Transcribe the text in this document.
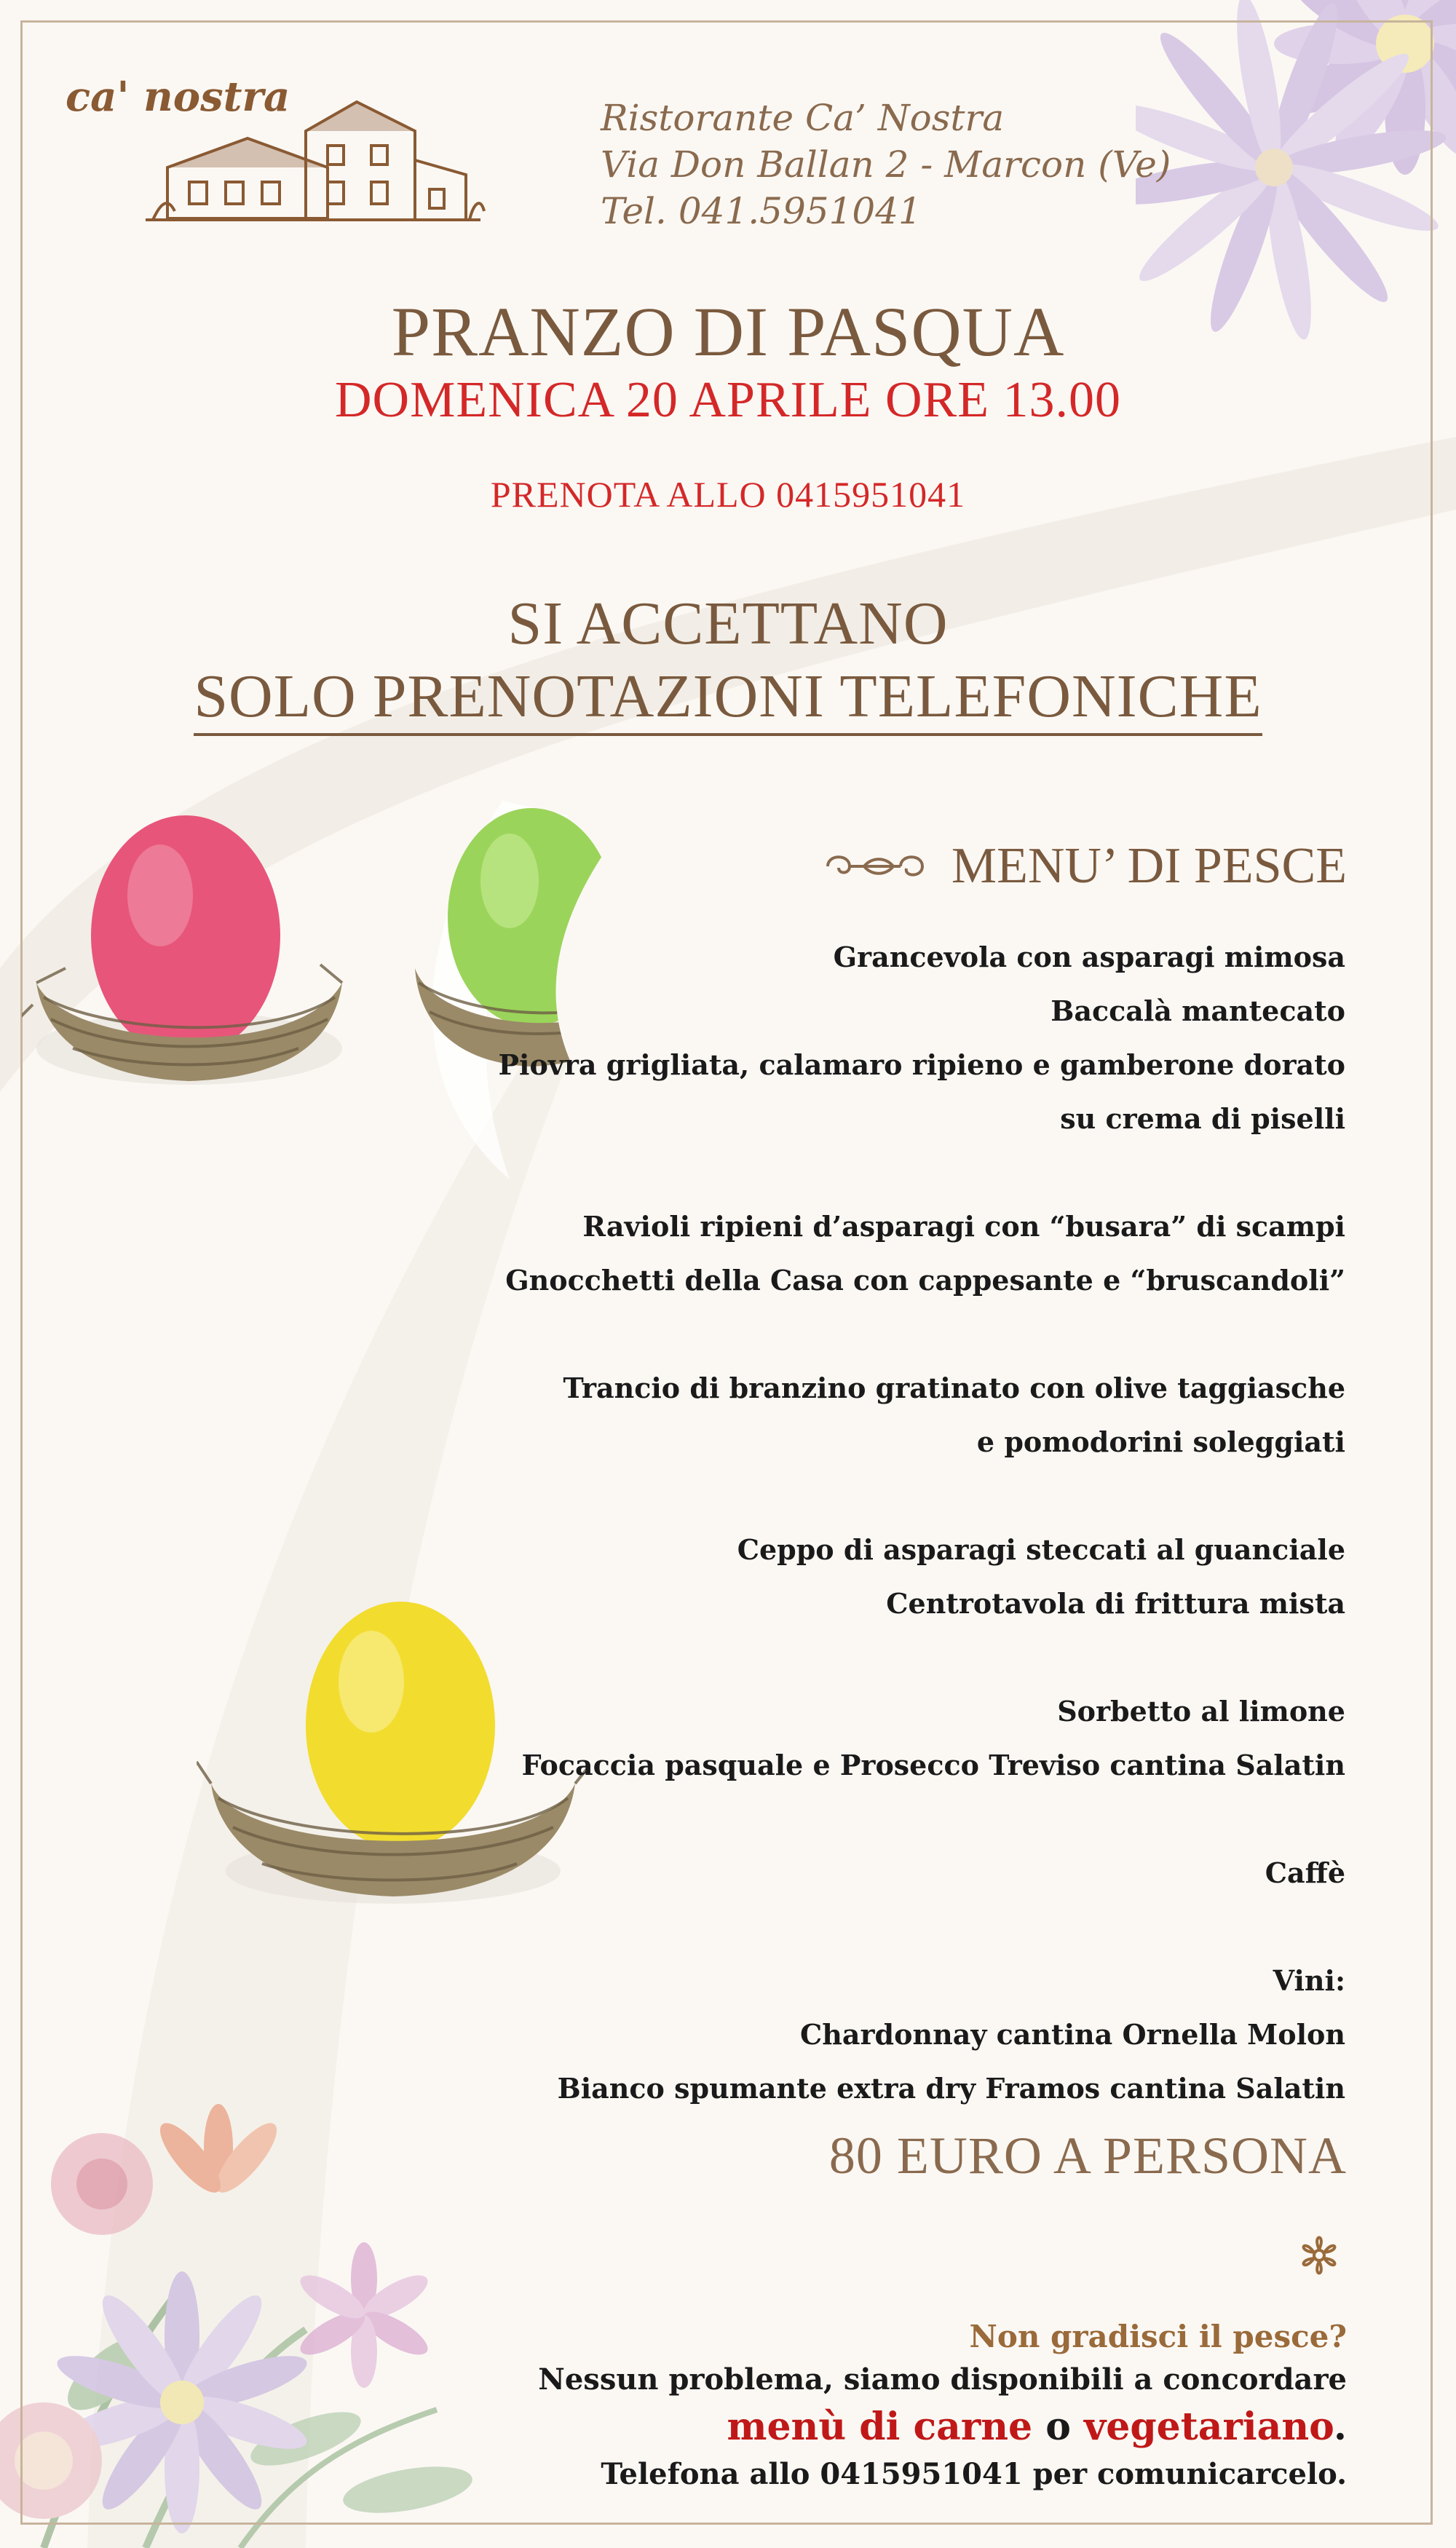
ca' nostra	Ristorante Ca’ Nostra
Via Don Ballan 2 - Marcon (Ve)
Tel. 041.5951041
PRANZO DI PASQUA
DOMENICA 20 APRILE ORE 13.00
PRENOTA ALLO 0415951041
SI ACCETTANO
SOLO PRENOTAZIONI TELEFONICHE
MENU’ DI PESCE
Grancevola con asparagi mimosa
Baccalà mantecato
Piovra grigliata, calamaro ripieno e gamberone dorato
su crema di piselli
Ravioli ripieni d’asparagi con “busara” di scampi
Gnocchetti della Casa con cappesante e “bruscandoli”
Trancio di branzino gratinato con olive taggiasche
e pomodorini soleggiati
Ceppo di asparagi steccati al guanciale
Centrotavola di frittura mista
Sorbetto al limone
Focaccia pasquale e Prosecco Treviso cantina Salatin
Caffè
Vini:
Chardonnay cantina Ornella Molon
Bianco spumante extra dry Framos cantina Salatin
80 EURO A PERSONA
Non gradisci il pesce?
Nessun problema, siamo disponibili a concordare
menù di carne o vegetariano.
Telefona allo 0415951041 per comunicarcelo.
